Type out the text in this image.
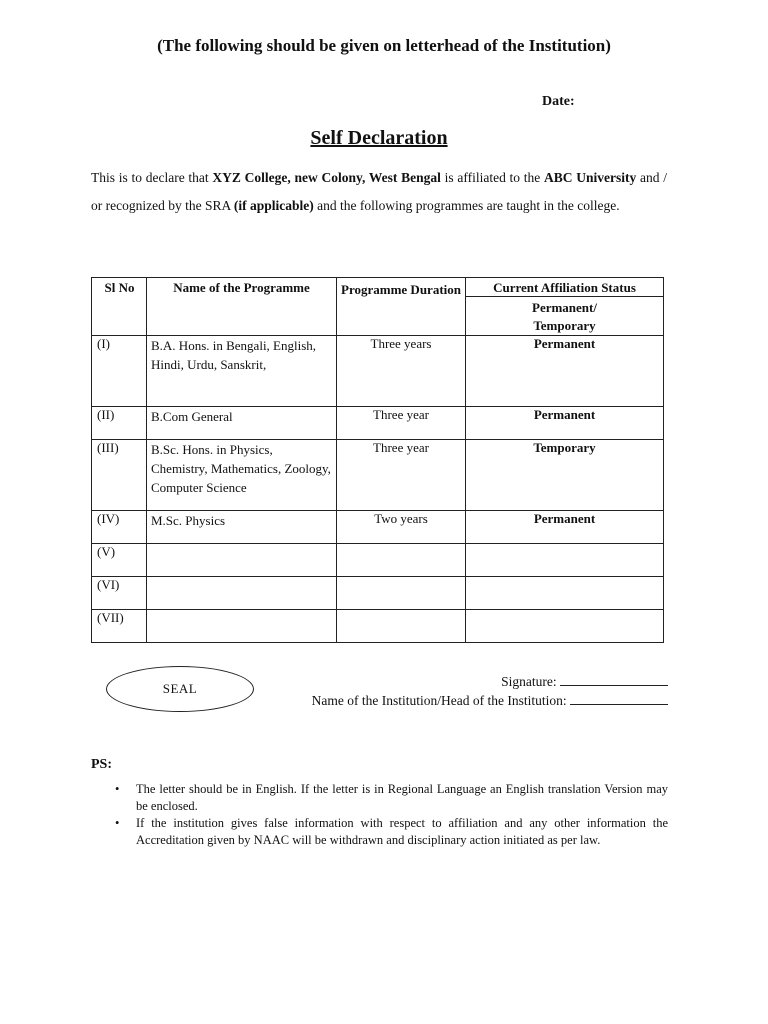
(The following should be given on letterhead of the Institution)
Date:
Self Declaration
This is to declare that XYZ College, new Colony, West Bengal is affiliated to the ABC University and / or recognized by the SRA (if applicable) and the following programmes are taught in the college.
Sl No	Name of the Programme	Programme Duration	Current Affiliation Status
			Permanent/ Temporary
(I)	B.A. Hons. in Bengali, English, Hindi, Urdu, Sanskrit,	Three years	Permanent
(II)	B.Com General	Three year	Permanent
(III)	B.Sc. Hons. in Physics, Chemistry, Mathematics, Zoology, Computer Science	Three year	Temporary
(IV)	M.Sc. Physics	Two years	Permanent
(V)			
(VI)			
(VII)			
SEAL	Signature:
Name of the Institution/Head of the Institution:
PS:
• The letter should be in English. If the letter is in Regional Language an English translation Version may be enclosed.
• If the institution gives false information with respect to affiliation and any other information the Accreditation given by NAAC will be withdrawn and disciplinary action initiated as per law.
